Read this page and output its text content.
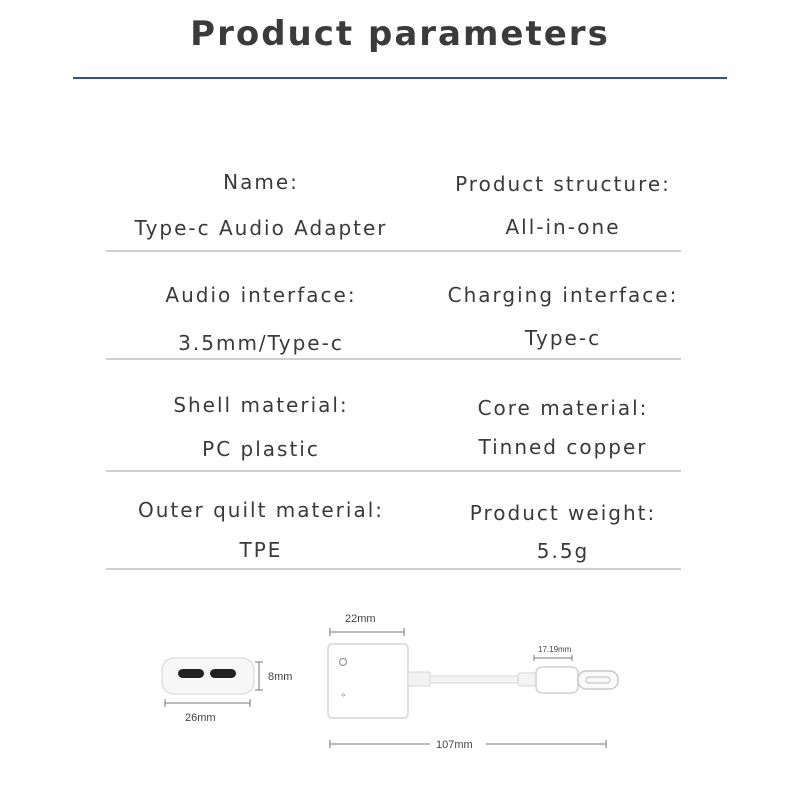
Product parameters
Name:
Type-c Audio Adapter
Product structure:
All-in-one
Audio interface:
3.5mm/Type-c
Charging interface:
Type-c
Shell material:
PC plastic
Core material:
Tinned copper
Outer quilt material:
TPE
Product weight:
5.5g
8mm
26mm
22mm
17.19mm
107mm
